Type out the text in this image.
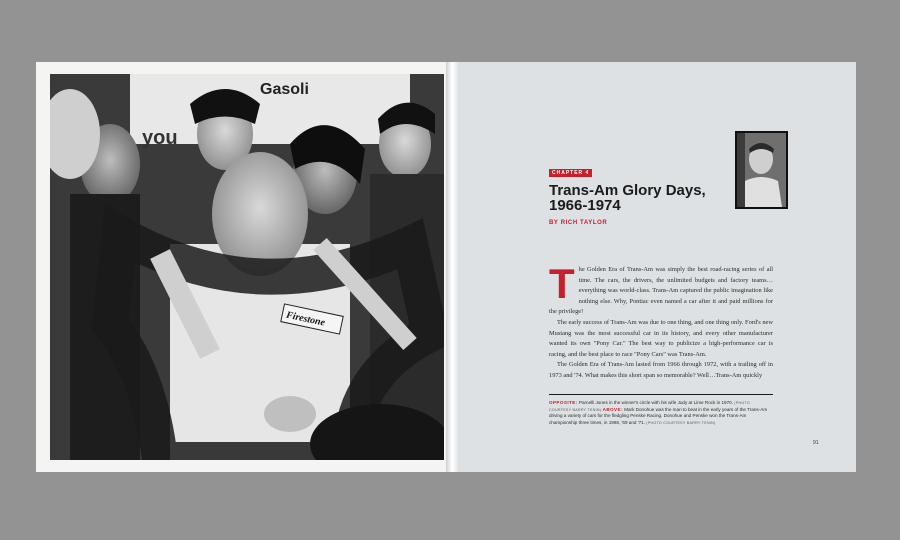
Gasoli
you
Firestone
CHAPTER 4
Trans-Am Glory Days,
1966-1974
BY RICH TAYLOR

The Golden Era of Trans-Am was simply the best road-racing series of all time. The cars, the drivers, the unlimited budgets and factory teams… everything was world-class. Trans-Am captured the public imagination like nothing else. Why, Pontiac even named a car after it and paid millions for the privilege!

The early success of Trans-Am was due to one thing, and one thing only. Ford's new Mustang was the most successful car in its history, and every other manufacturer wanted its own "Pony Car." The best way to publicize a high-performance car is racing, and the best place to race "Pony Cars" was Trans-Am.

The Golden Era of Trans-Am lasted from 1966 through 1972, with a trailing off in 1973 and '74. What makes this short span so memorable? Well…Trans-Am quickly

OPPOSITE: Parnelli Jones in the winner's circle with his wife Judy at Lime Rock in 1970. (PHOTO COURTESY BARRY TENIN) ABOVE: Mark Donohue was the man to beat in the early years of the Trans-Am driving a variety of cars for the fledgling Penske Racing. Donohue and Penske won the Trans-Am championship three times, in 1968, '69 and '71. (PHOTO COURTESY BARRY TENIN)
91
